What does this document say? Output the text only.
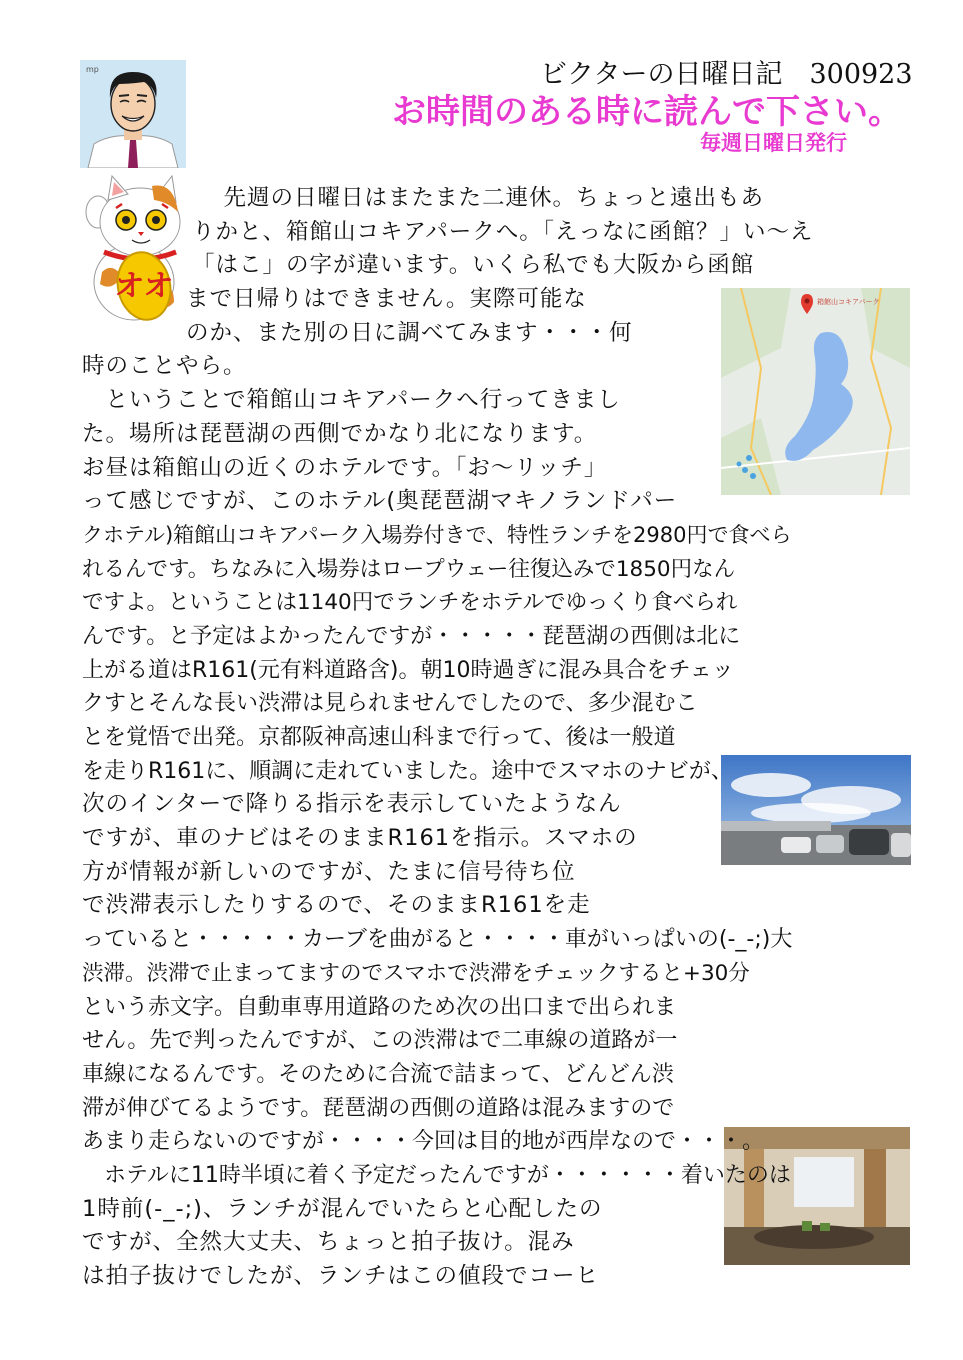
ビクターの日曜日記　300923
お時間のある時に読んで下さい。
毎週日曜日発行
mp
オオ	箱館山コキアパーク
　先週の日曜日はまたまた二連休。ちょっと遠出もあ
りかと、箱館山コキアパークへ。「えっなに函館？」い〜え
「はこ」の字が違います。いくら私でも大阪から函館
まで日帰りはできません。実際可能な
のか、また別の日に調べてみます・・・何
時のことやら。
　ということで箱館山コキアパークへ行ってきまし
た。場所は琵琶湖の西側でかなり北になります。
お昼は箱館山の近くのホテルです。「お〜リッチ」
って感じですが、このホテル(奥琵琶湖マキノランドパー
クホテル)箱館山コキアパーク入場券付きで、特性ランチを2980円で食べら
れるんです。ちなみに入場券はロープウェー往復込みで1850円なん
ですよ。ということは1140円でランチをホテルでゆっくり食べられ
んです。と予定はよかったんですが・・・・・琵琶湖の西側は北に
上がる道はR161(元有料道路含)。朝10時過ぎに混み具合をチェッ
クすとそんな長い渋滞は見られませんでしたので、多少混むこ
とを覚悟で出発。京都阪神高速山科まで行って、後は一般道
を走りR161に、順調に走れていました。途中でスマホのナビが、
次のインターで降りる指示を表示していたようなん
ですが、車のナビはそのままR161を指示。スマホの
方が情報が新しいのですが、たまに信号待ち位
で渋滞表示したりするので、そのままR161を走
っていると・・・・・カーブを曲がると・・・・車がいっぱいの(-_-;)大
渋滞。渋滞で止まってますのでスマホで渋滞をチェックすると+30分
という赤文字。自動車専用道路のため次の出口まで出られま
せん。先で判ったんですが、この渋滞はで二車線の道路が一
車線になるんです。そのために合流で詰まって、どんどん渋
滞が伸びてるようです。琵琶湖の西側の道路は混みますので
あまり走らないのですが・・・・今回は目的地が西岸なので・・・。
　ホテルに11時半頃に着く予定だったんですが・・・・・・着いたのは
1時前(-_-;)、ランチが混んでいたらと心配したの
ですが、全然大丈夫、ちょっと拍子抜け。混み
は拍子抜けでしたが、ランチはこの値段でコーヒ
